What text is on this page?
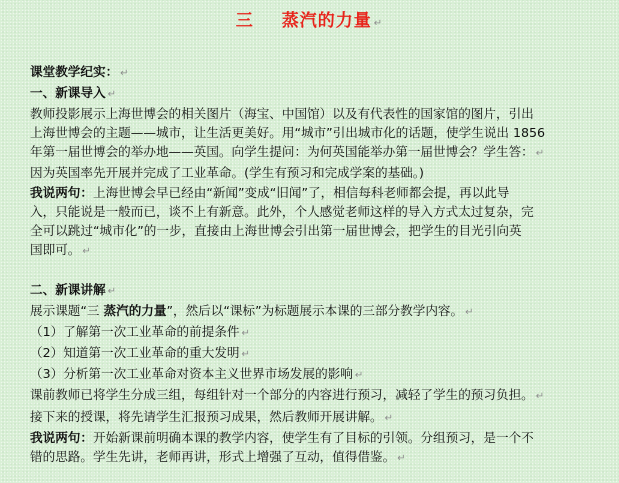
三 蒸汽的力量 ↵
课堂教学纪实： ↵
一、新课导入 ↵
教师投影展示上海世博会的相关图片（海宝、中国馆）以及有代表性的国家馆的图片，引出
上海世博会的主题——城市，让生活更美好。用“城市”引出城市化的话题，使学生说出 1856
年第一届世博会的举办地——英国。向学生提问：为何英国能举办第一届世博会？学生答： ↵
因为英国率先开展并完成了工业革命。(学生有预习和完成学案的基础。)
我说两句：上海世博会早已经由“新闻”变成“旧闻”了，相信每科老师都会提，再以此导
入，只能说是一般而已，谈不上有新意。此外，个人感觉老师这样的导入方式太过复杂，完
全可以跳过“城市化”的一步，直接由上海世博会引出第一届世博会，把学生的目光引向英
国即可。 ↵
二、新课讲解 ↵
展示课题“三 蒸汽的力量”，然后以“课标”为标题展示本课的三部分教学内容。 ↵
（1）了解第一次工业革命的前提条件 ↵
（2）知道第一次工业革命的重大发明 ↵
（3）分析第一次工业革命对资本主义世界市场发展的影响 ↵
课前教师已将学生分成三组，每组针对一个部分的内容进行预习，减轻了学生的预习负担。 ↵
接下来的授课，将先请学生汇报预习成果，然后教师开展讲解。 ↵
我说两句：开始新课前明确本课的教学内容，使学生有了目标的引领。分组预习，是一个不
错的思路。学生先讲，老师再讲，形式上增强了互动，值得借鉴。 ↵
